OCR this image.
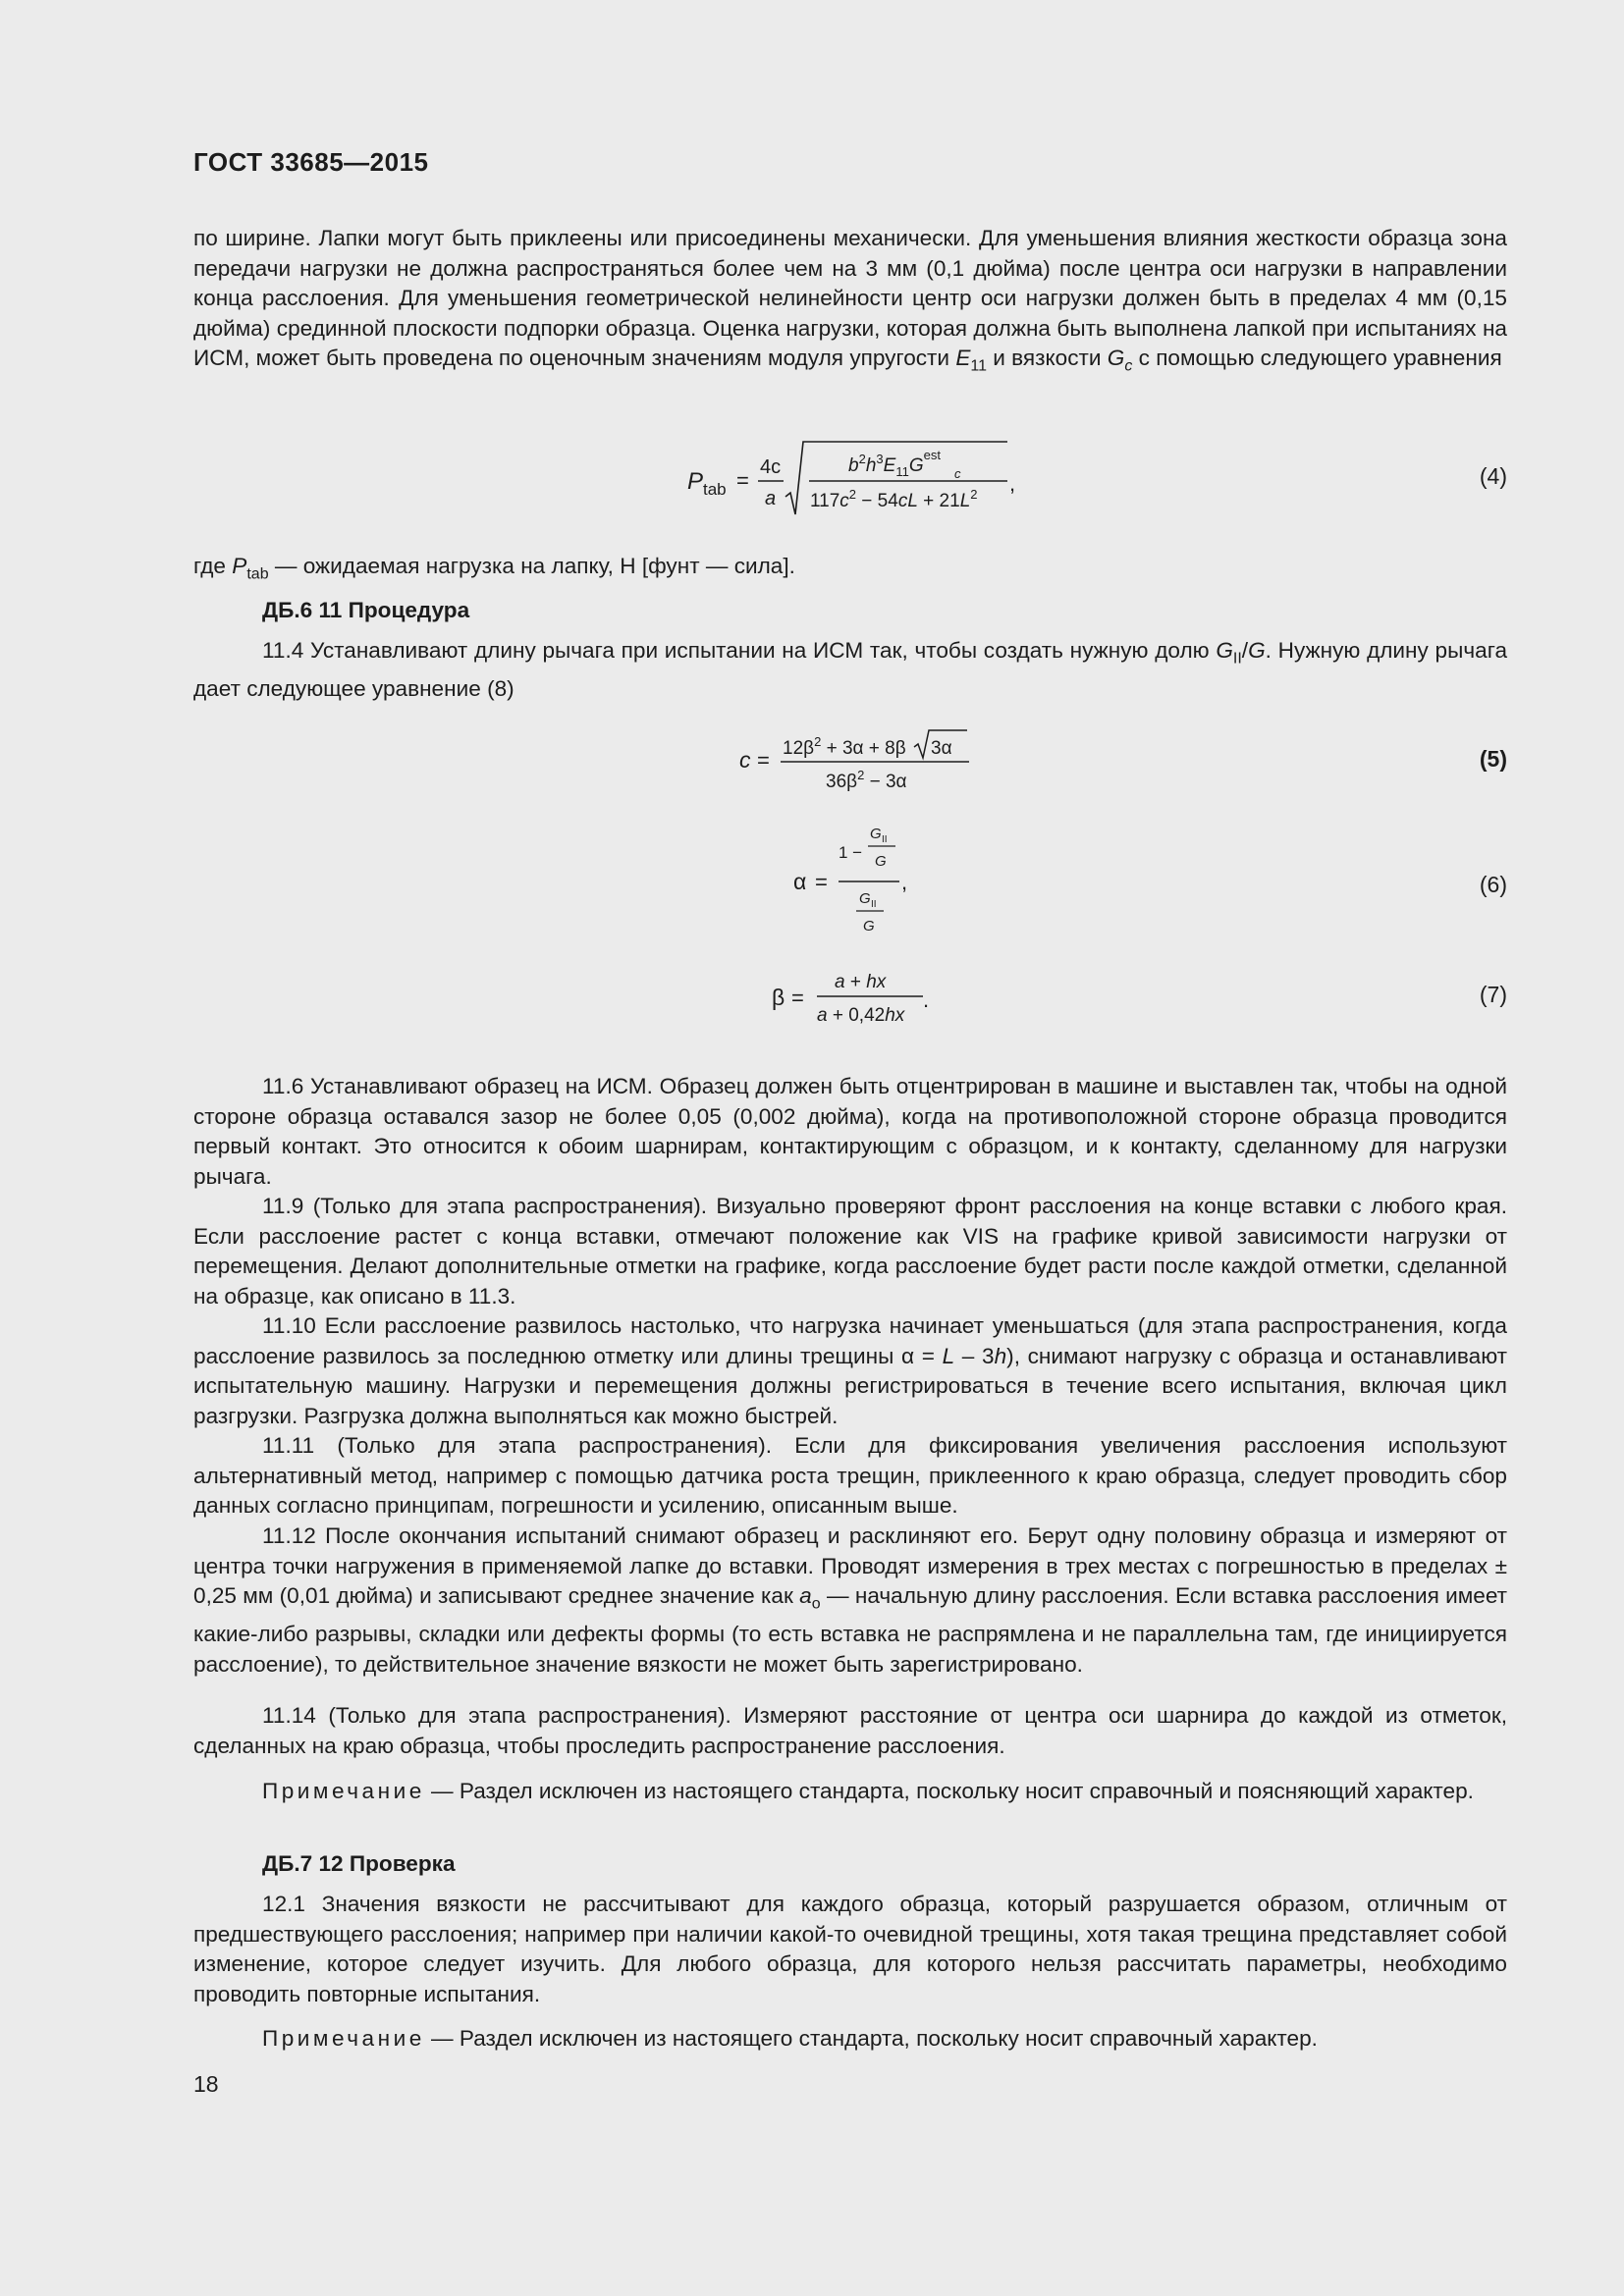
ГОСТ 33685—2015

по ширине. Лапки могут быть приклеены или присоединены механически. Для уменьшения влияния жесткости образца зона передачи нагрузки не должна распространяться более чем на 3 мм (0,1 дюйма) после центра оси нагрузки в направлении конца расслоения. Для уменьшения геометрической нелинейности центр оси нагрузки должен быть в пределах 4 мм (0,15 дюйма) срединной плоскости подпорки образца. Оценка нагрузки, которая должна быть выполнена лапкой при испытаниях на ИСМ, может быть проведена по оценочным значениям модуля упругости $E_{11}$ и вязкости $G_c$ с помощью следующего уравнения

P tab =
4c
a
$b^2h^3E_{11}G^{est}$
c
$117c^2 - 54cL + 21L^2$ ,	(4)

где $P_{tab}$ — ожидаемая нагрузка на лапку, Н [фунт — сила].

ДБ.6 11 Процедура

11.4 Устанавливают длину рычага при испытании на ИСМ так, чтобы создать нужную долю $G_{II}/G$. Нужную длину рычага дает следующее уравнение (8)

$c = 12\beta^2 + 3\alpha + 8\beta$ 3α
$36\beta^2 - 3\alpha$
(5)
α =
1 −
G II
G
G II
G
,	(6)
β =
a + hx
a + 0,42hx
.	(7)

11.6 Устанавливают образец на ИСМ. Образец должен быть отцентрирован в машине и выставлен так, чтобы на одной стороне образца оставался зазор не более 0,05 (0,002 дюйма), когда на противоположной стороне образца проводится первый контакт. Это относится к обоим шарнирам, контактирующим с образцом, и к контакту, сделанному для нагрузки рычага.

11.9 (Только для этапа распространения). Визуально проверяют фронт расслоения на конце вставки с любого края. Если расслоение растет с конца вставки, отмечают положение как VIS на графике кривой зависимости нагрузки от перемещения. Делают дополнительные отметки на графике, когда расслоение будет расти после каждой отметки, сделанной на образце, как описано в 11.3.

11.10 Если расслоение развилось настолько, что нагрузка начинает уменьшаться (для этапа распространения, когда расслоение развилось за последнюю отметку или длины трещины α = L – 3h), снимают нагрузку с образца и останавливают испытательную машину. Нагрузки и перемещения должны регистрироваться в течение всего испытания, включая цикл разгрузки. Разгрузка должна выполняться как можно быстрей.

11.11 (Только для этапа распространения). Если для фиксирования увеличения расслоения используют альтернативный метод, например с помощью датчика роста трещин, приклеенного к краю образца, следует проводить сбор данных согласно принципам, погрешности и усилению, описанным выше.

11.12 После окончания испытаний снимают образец и расклиняют его. Берут одну половину образца и измеряют от центра точки нагружения в применяемой лапке до вставки. Проводят измерения в трех местах с погрешностью в пределах ± 0,25 мм (0,01 дюйма) и записывают среднее значение как $a_o$ — начальную длину расслоения. Если вставка расслоения имеет какие-либо разрывы, складки или дефекты формы (то есть вставка не распрямлена и не параллельна там, где инициируется расслоение), то действительное значение вязкости не может быть зарегистрировано.

11.14 (Только для этапа распространения). Измеряют расстояние от центра оси шарнира до каждой из отметок, сделанных на краю образца, чтобы проследить распространение расслоения.

Примечание — Раздел исключен из настоящего стандарта, поскольку носит справочный и поясняющий характер.

ДБ.7 12 Проверка

12.1 Значения вязкости не рассчитывают для каждого образца, который разрушается образом, отличным от предшествующего расслоения; например при наличии какой-то очевидной трещины, хотя такая трещина представляет собой изменение, которое следует изучить. Для любого образца, для которого нельзя рассчитать параметры, необходимо проводить повторные испытания.

Примечание — Раздел исключен из настоящего стандарта, поскольку носит справочный характер.

18
